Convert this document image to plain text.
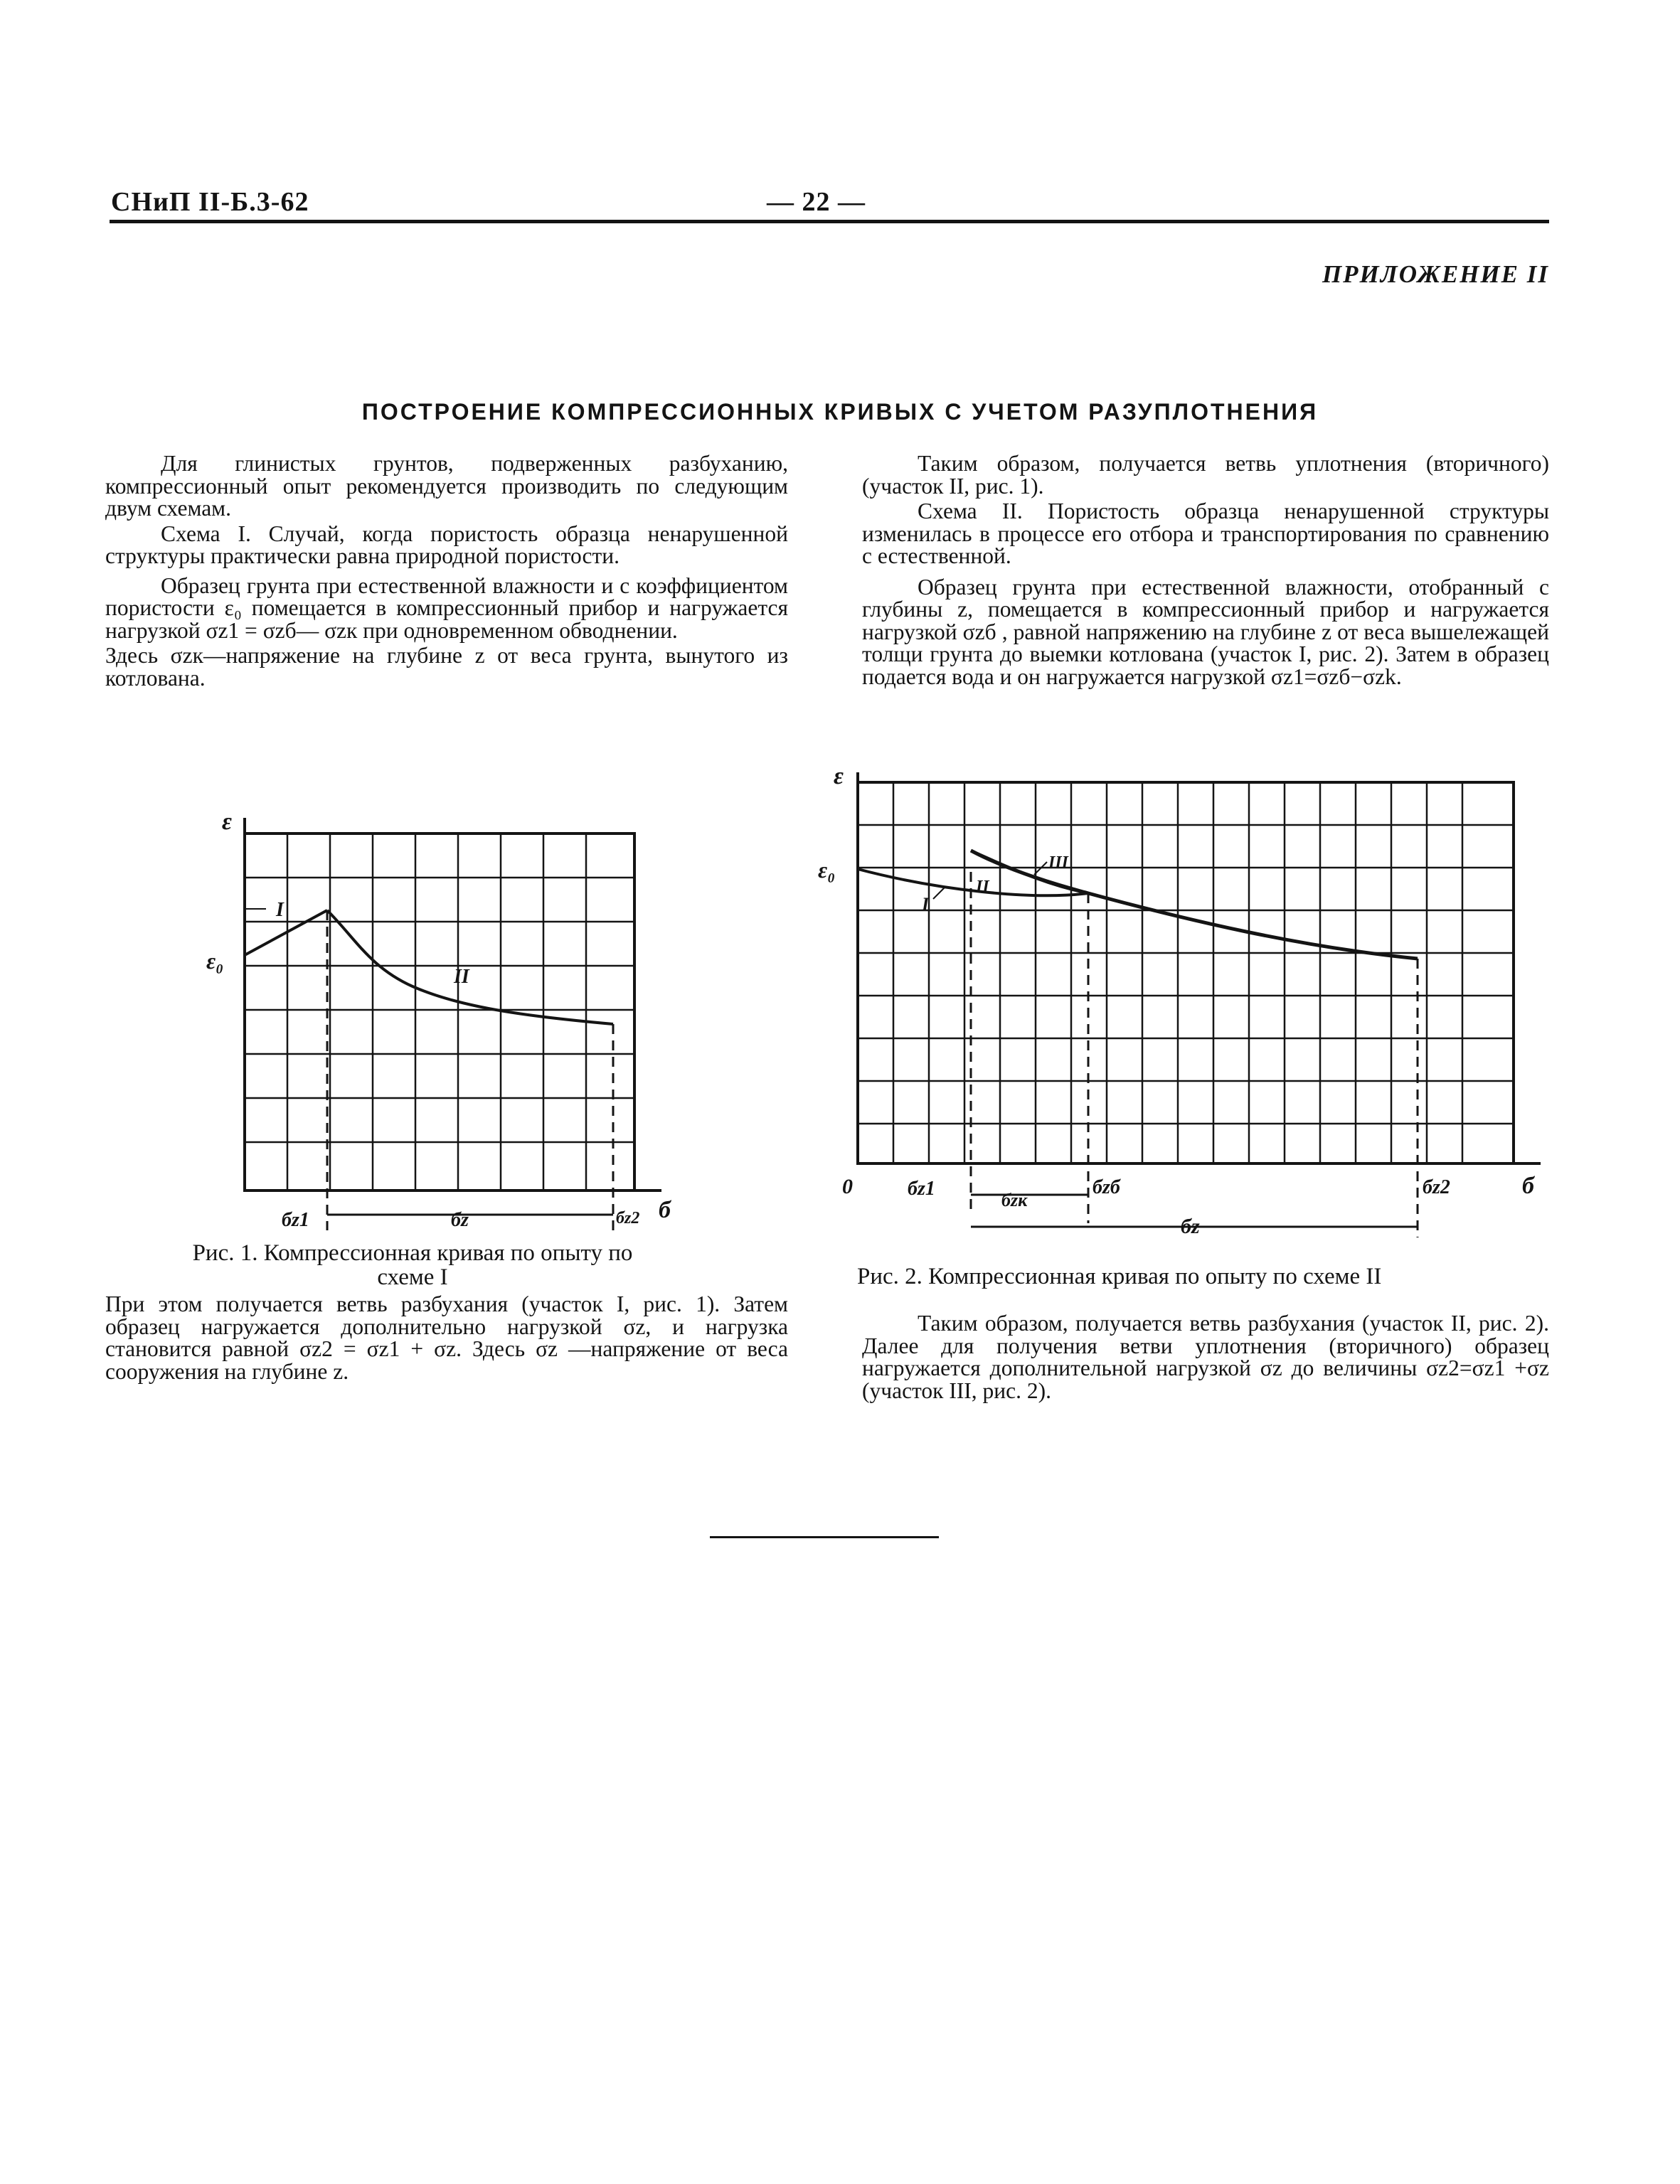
СНиП II-Б.3-62	— 22 —
ПРИЛОЖЕНИЕ II
ПОСТРОЕНИЕ КОМПРЕССИОННЫХ КРИВЫХ С УЧЕТОМ РАЗУПЛОТНЕНИЯ

Для глинистых грунтов, подверженных разбуханию, компрессионный опыт рекомендуется производить по следующим двум схемам.

Схема I. Случай, когда пористость образца ненарушенной структуры практически равна природной пористости.

Образец грунта при естественной влажности и с коэффициентом пористости ε₀ помещается в компрессионный прибор и нагружается нагрузкой σz1 = σzб— σzк при одновременном обводнении.

Здесь σzк—напряжение на глубине z от веса грунта, вынутого из котлована.

Таким образом, получается ветвь уплотнения (вторичного) (участок II, рис. 1).

Схема II. Пористость образца ненарушенной структуры изменилась в процессе его отбора и транспортирования по сравнению с естественной.

Образец грунта при естественной влажности, отобранный с глубины z, помещается в компрессионный прибор и нагружается нагрузкой σzб , равной напряжению на глубине z от веса вышележащей толщи грунта до выемки котлована (участок I, рис. 2). Затем в образец подается вода и он нагружается нагрузкой σz1=σzб−σzk.

ε
ε₀
I
II
б
бz1	бz2
бz
Рис. 1. Компрессионная кривая по опыту по схеме I
ε
ε₀
0	б
I
II
III
бz1	бzб	бz2
бzк
бz
Рис. 2. Компрессионная кривая по опыту по схеме II

При этом получается ветвь разбухания (участок I, рис. 1). Затем образец нагружается дополнительно нагрузкой σz, и нагрузка становится равной σz2 = σz1 + σz. Здесь σz —напряжение от веса сооружения на глубине z.

Таким образом, получается ветвь разбухания (участок II, рис. 2). Далее для получения ветви уплотнения (вторичного) образец нагружается дополнительной нагрузкой σz до величины σz2=σz1 +σz (участок III, рис. 2).
